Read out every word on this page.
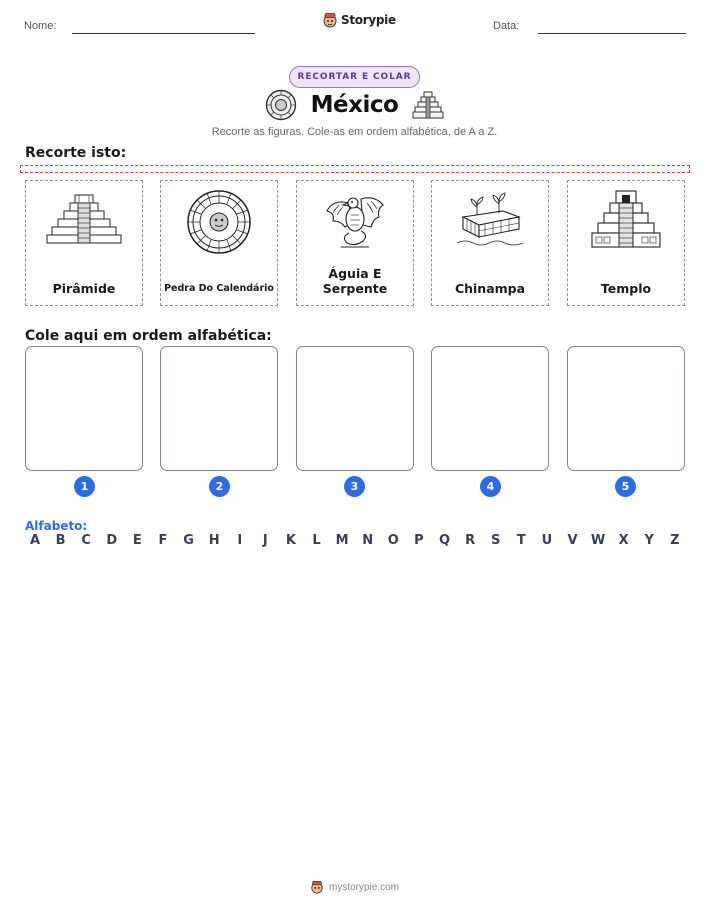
Nome:	Storypie	Data:
RECORTAR E COLAR
México
Recorte as figuras. Cole-as em ordem alfabética, de A a Z.
Recorte isto:
Pirâmide	Pedra Do Calendário
Águia E Serpente	Chinampa	Templo
Cole aqui em ordem alfabética:
1	2	3	4	5
Alfabeto:
A	B	C	D	E	F	G	H	I	J	K	L	M	N	O	P	Q	R	S	T	U	V	W	X	Y	Z
mystorypie.com
